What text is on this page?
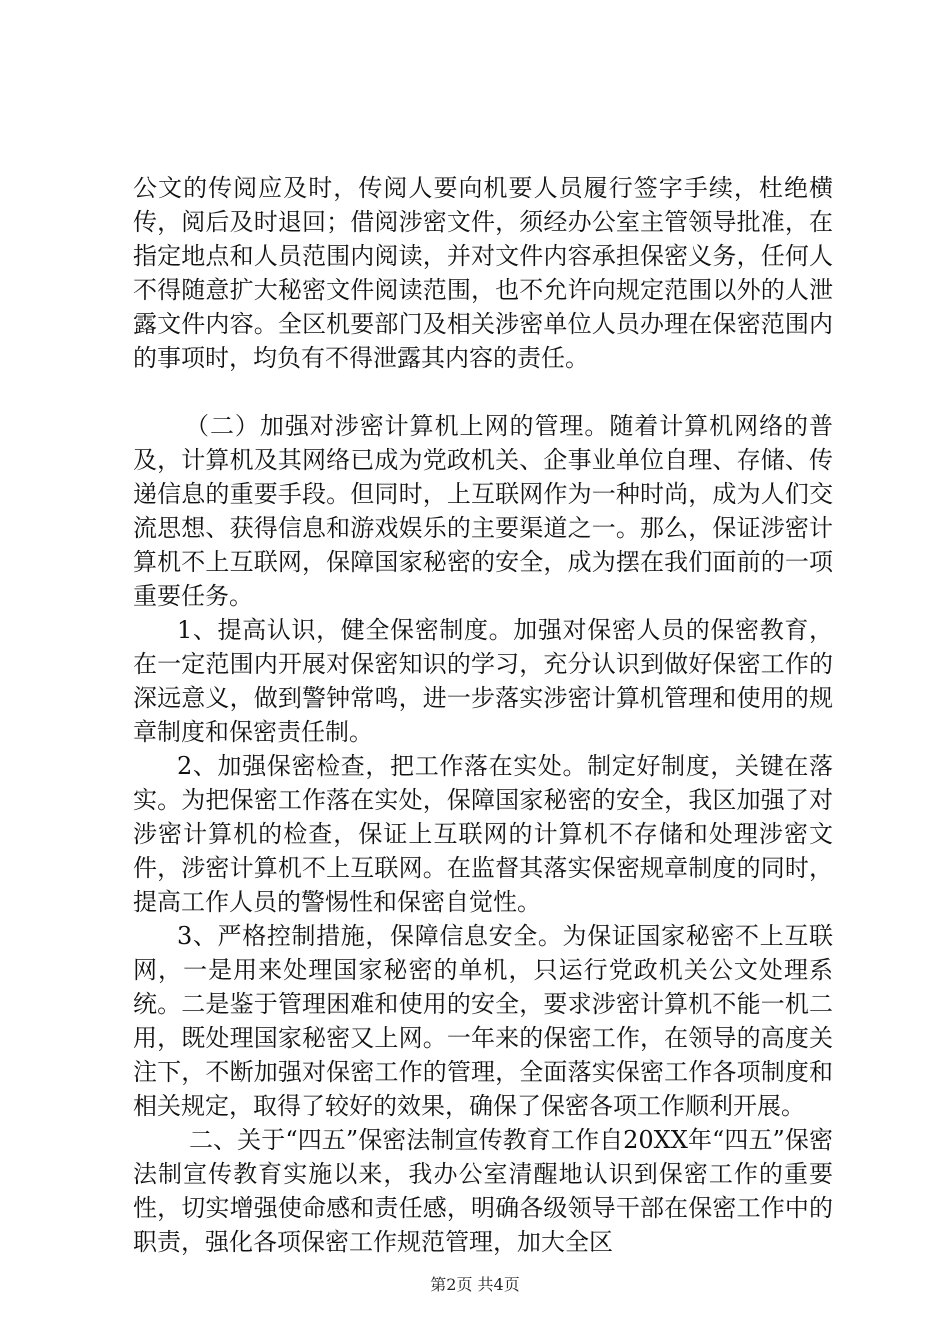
公文的传阅应及时，传阅人要向机要人员履行签字手续，杜绝横传，阅后及时退回；借阅涉密文件，须经办公室主管领导批准，在指定地点和人员范围内阅读，并对文件内容承担保密义务，任何人不得随意扩大秘密文件阅读范围，也不允许向规定范围以外的人泄露文件内容。全区机要部门及相关涉密单位人员办理在保密范围内的事项时，均负有不得泄露其内容的责任。

（二）加强对涉密计算机上网的管理。随着计算机网络的普及，计算机及其网络已成为党政机关、企事业单位自理、存储、传递信息的重要手段。但同时，上互联网作为一种时尚，成为人们交流思想、获得信息和游戏娱乐的主要渠道之一。那么，保证涉密计算机不上互联网，保障国家秘密的安全，成为摆在我们面前的一项重要任务。

1、提高认识，健全保密制度。加强对保密人员的保密教育，在一定范围内开展对保密知识的学习，充分认识到做好保密工作的深远意义，做到警钟常鸣，进一步落实涉密计算机管理和使用的规章制度和保密责任制。

2、加强保密检查，把工作落在实处。制定好制度，关键在落实。为把保密工作落在实处，保障国家秘密的安全，我区加强了对涉密计算机的检查，保证上互联网的计算机不存储和处理涉密文件，涉密计算机不上互联网。在监督其落实保密规章制度的同时，提高工作人员的警惕性和保密自觉性。

3、严格控制措施，保障信息安全。为保证国家秘密不上互联网，一是用来处理国家秘密的单机，只运行党政机关公文处理系统。二是鉴于管理困难和使用的安全，要求涉密计算机不能一机二用，既处理国家秘密又上网。一年来的保密工作，在领导的高度关注下，不断加强对保密工作的管理，全面落实保密工作各项制度和相关规定，取得了较好的效果，确保了保密各项工作顺利开展。

二、关于“四五”保密法制宣传教育工作自20XX年“四五”保密法制宣传教育实施以来，我办公室清醒地认识到保密工作的重要性，切实增强使命感和责任感，明确各级领导干部在保密工作中的职责，强化各项保密工作规范管理，加大全区

第2页 共4页
